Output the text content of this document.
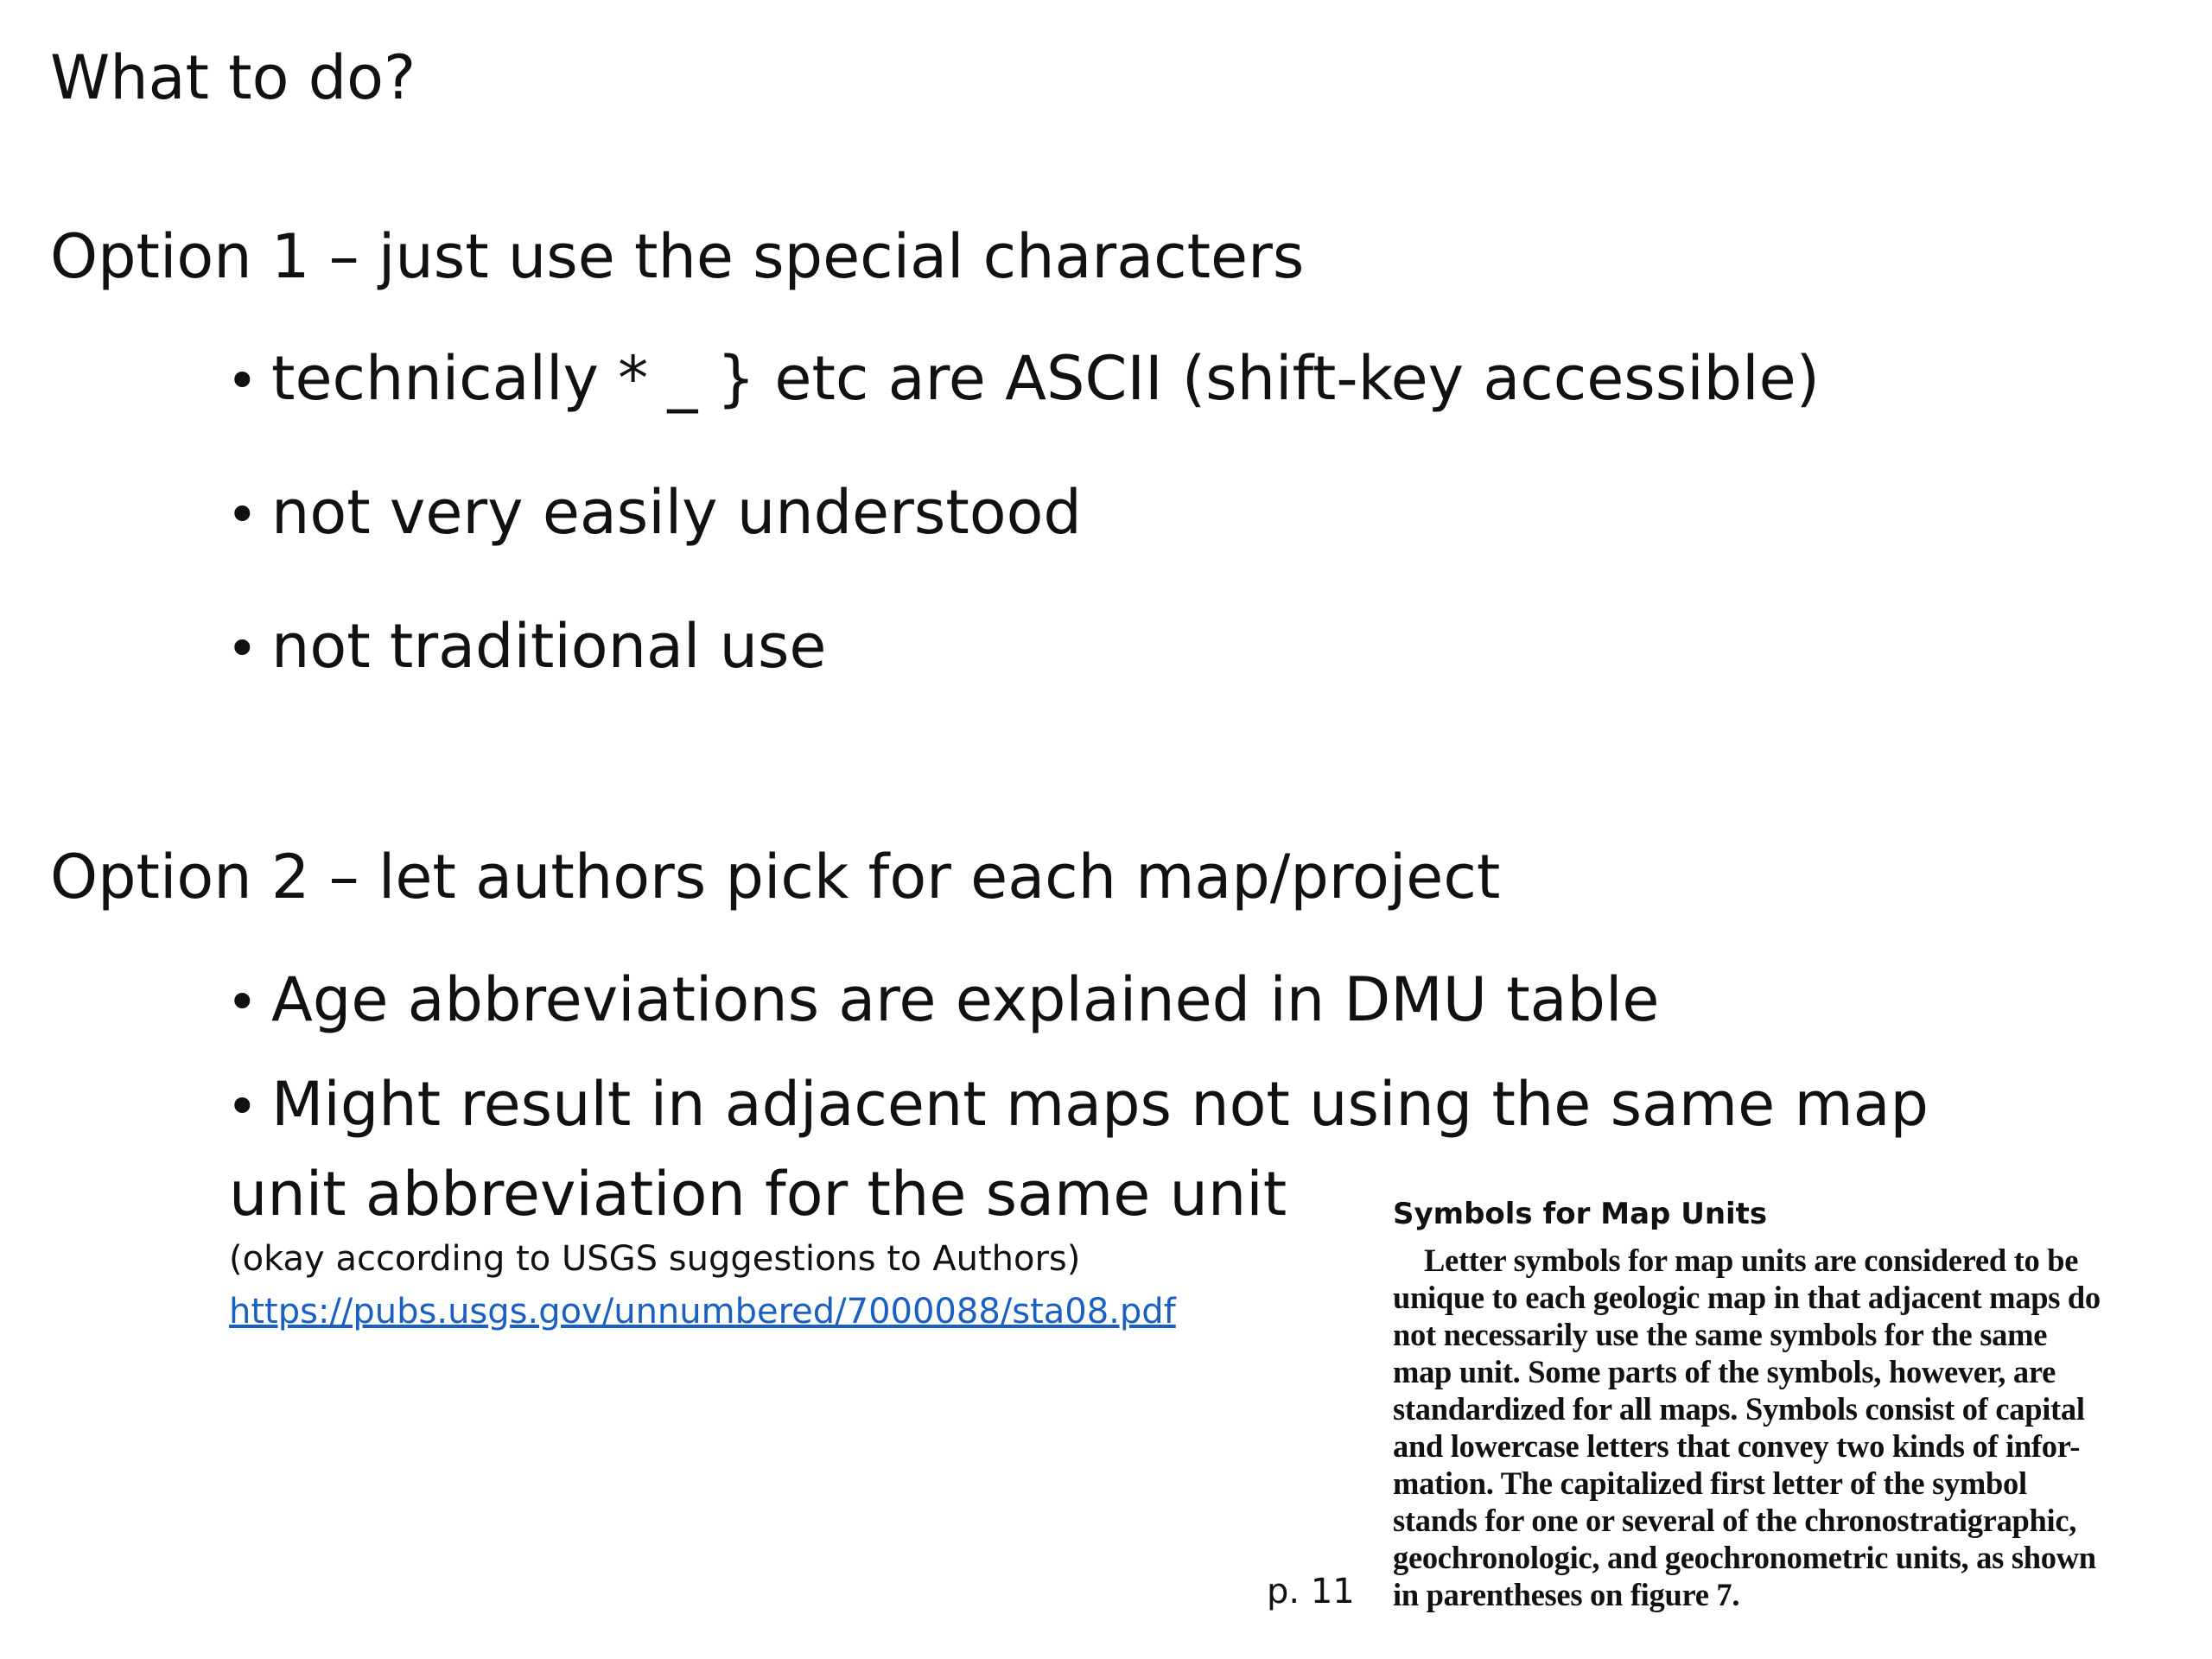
What to do?
Option 1 – just use the special characters
• technically * _ } etc are ASCII (shift-key accessible)
• not very easily understood
• not traditional use
Option 2 – let authors pick for each map/project
• Age abbreviations are explained in DMU table
• Might result in adjacent maps not using the same map
unit abbreviation for the same unit
(okay according to USGS suggestions to Authors)
https://pubs.usgs.gov/unnumbered/7000088/sta08.pdf
p. 11
Symbols for Map Units
Letter symbols for map units are considered to be
unique to each geologic map in that adjacent maps do
not necessarily use the same symbols for the same
map unit. Some parts of the symbols, however, are
standardized for all maps. Symbols consist of capital
and lowercase letters that convey two kinds of infor-
mation. The capitalized first letter of the symbol
stands for one or several of the chronostratigraphic,
geochronologic, and geochronometric units, as shown
in parentheses on figure 7.
